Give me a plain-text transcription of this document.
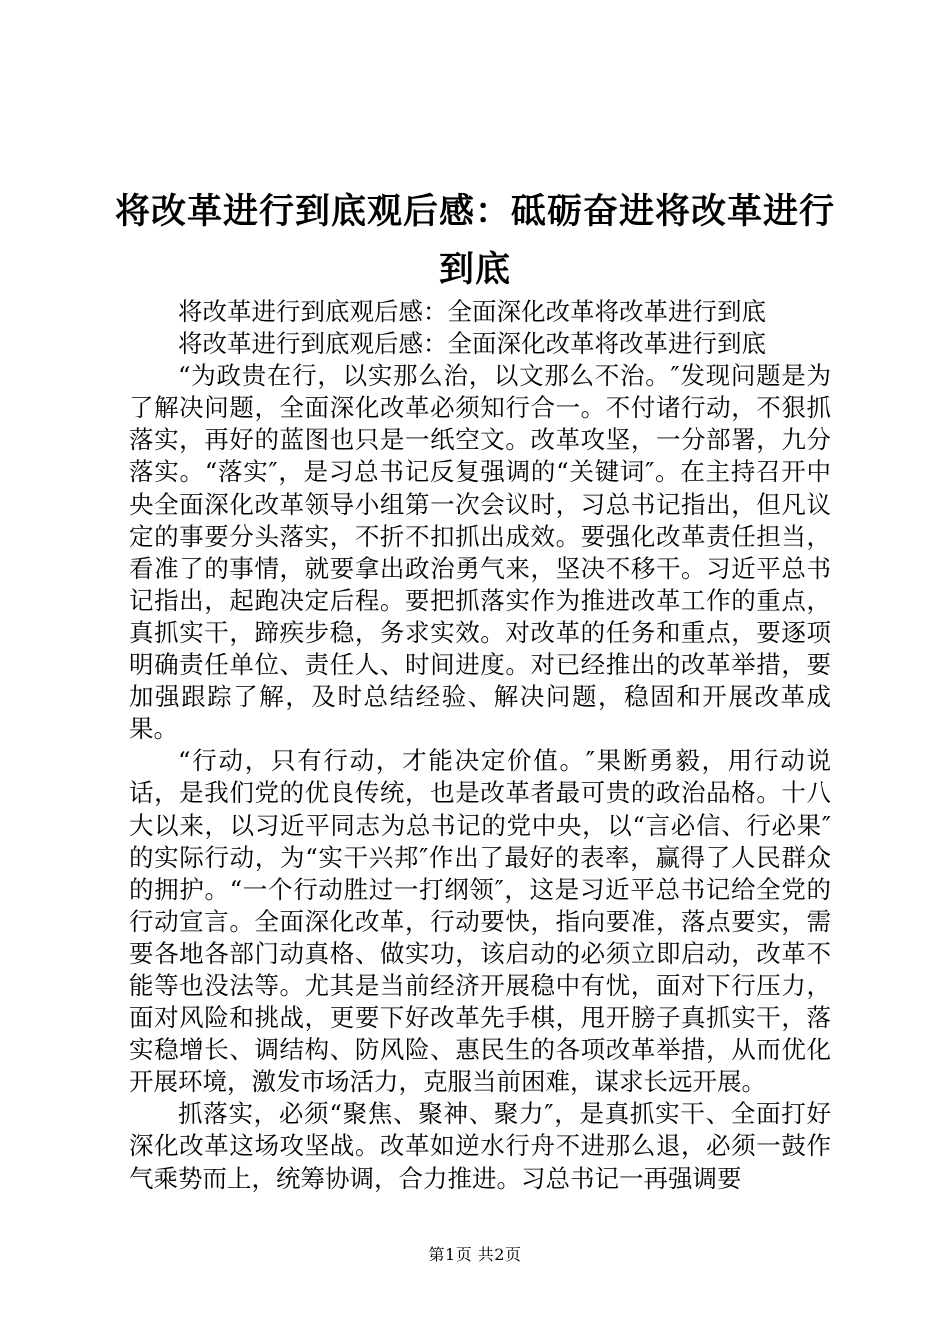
将改革进行到底观后感：砥砺奋进将改革进行到底

将改革进行到底观后感：全面深化改革将改革进行到底

将改革进行到底观后感：全面深化改革将改革进行到底

“为政贵在行，以实那么治，以文那么不治。″发现问题是为了解决问题，全面深化改革必须知行合一。不付诸行动，不狠抓落实，再好的蓝图也只是一纸空文。改革攻坚，一分部署，九分落实。“落实″，是习总书记反复强调的“关键词″。在主持召开中央全面深化改革领导小组第一次会议时，习总书记指出，但凡议定的事要分头落实，不折不扣抓出成效。要强化改革责任担当，看准了的事情，就要拿出政治勇气来，坚决不移干。习近平总书记指出，起跑决定后程。要把抓落实作为推进改革工作的重点，真抓实干，蹄疾步稳，务求实效。对改革的任务和重点，要逐项明确责任单位、责任人、时间进度。对已经推出的改革举措，要加强跟踪了解，及时总结经验、解决问题，稳固和开展改革成果。

“行动，只有行动，才能决定价值。″果断勇毅，用行动说话，是我们党的优良传统，也是改革者最可贵的政治品格。十八大以来，以习近平同志为总书记的党中央，以“言必信、行必果″的实际行动，为“实干兴邦″作出了最好的表率，赢得了人民群众的拥护。“一个行动胜过一打纲领″，这是习近平总书记给全党的行动宣言。全面深化改革，行动要快，指向要准，落点要实，需要各地各部门动真格、做实功，该启动的必须立即启动，改革不能等也没法等。尤其是当前经济开展稳中有忧，面对下行压力，面对风险和挑战，更要下好改革先手棋，甩开膀子真抓实干，落实稳增长、调结构、防风险、惠民生的各项改革举措，从而优化开展环境，激发市场活力，克服当前困难，谋求长远开展。

抓落实，必须“聚焦、聚神、聚力″，是真抓实干、全面打好深化改革这场攻坚战。改革如逆水行舟不进那么退，必须一鼓作气乘势而上，统筹协调，合力推进。习总书记一再强调要

第1页 共2页
